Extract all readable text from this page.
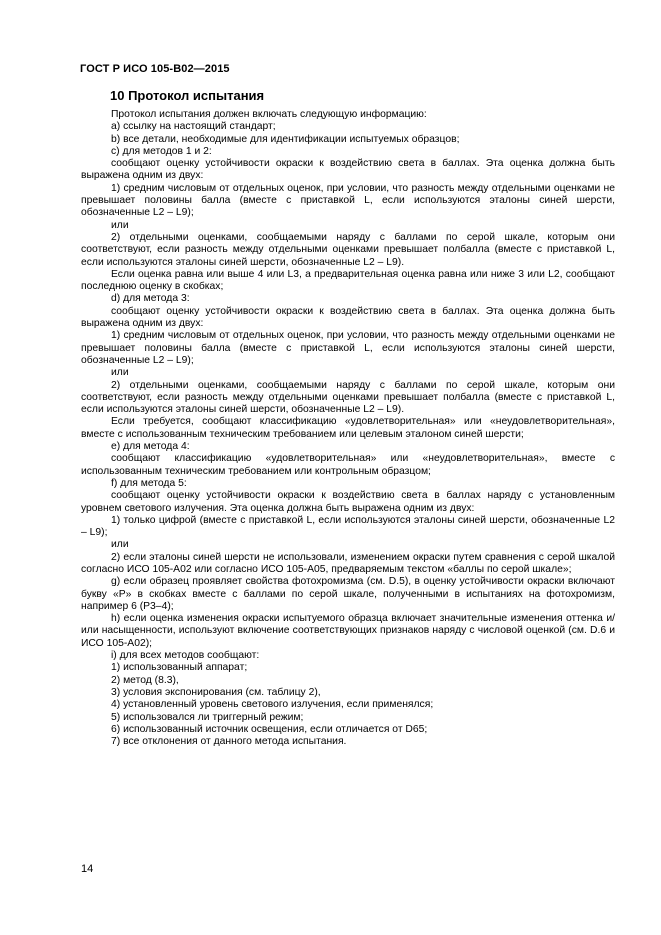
ГОСТ Р ИСО 105-B02—2015
10 Протокол испытания

Протокол испытания должен включать следующую информацию:

а) ссылку на настоящий стандарт;

b) все детали, необходимые для идентификации испытуемых образцов;

c) для методов 1 и 2:

сообщают оценку устойчивости окраски к воздействию света в баллах. Эта оценка должна быть выражена одним из двух:

1) средним числовым от отдельных оценок, при условии, что разность между отдельными оценками не превышает половины балла (вместе с приставкой L, если используются эталоны синей шерсти, обозначенные L2 – L9);

или

2) отдельными оценками, сообщаемыми наряду с баллами по серой шкале, которым они соответствуют, если разность между отдельными оценками превышает полбалла (вместе с приставкой L, если используются эталоны синей шерсти, обозначенные L2 – L9).

Если оценка равна или выше 4 или L3, а предварительная оценка равна или ниже 3 или L2, сообщают последнюю оценку в скобках;

d) для метода 3:

сообщают оценку устойчивости окраски к воздействию света в баллах. Эта оценка должна быть выражена одним из двух:

1) средним числовым от отдельных оценок, при условии, что разность между отдельными оценками не превышает половины балла (вместе с приставкой L, если используются эталоны синей шерсти, обозначенные L2 – L9);

или

2) отдельными оценками, сообщаемыми наряду с баллами по серой шкале, которым они соответствуют, если разность между отдельными оценками превышает полбалла (вместе с приставкой L, если используются эталоны синей шерсти, обозначенные L2 – L9).

Если требуется, сообщают классификацию «удовлетворительная» или «неудовлетворительная», вместе с использованным техническим требованием или целевым эталоном синей шерсти;

e) для метода 4:

сообщают классификацию «удовлетворительная» или «неудовлетворительная», вместе с использованным техническим требованием или контрольным образцом;

f) для метода 5:

сообщают оценку устойчивости окраски к воздействию света в баллах наряду с установленным уровнем светового излучения. Эта оценка должна быть выражена одним из двух:

1) только цифрой (вместе с приставкой L, если используются эталоны синей шерсти, обозначенные L2 – L9);

или

2) если эталоны синей шерсти не использовали, изменением окраски путем сравнения с серой шкалой согласно ИСО 105-A02 или согласно ИСО 105-A05, предваряемым текстом «баллы по серой шкале»;

g) если образец проявляет свойства фотохромизма (см. D.5), в оценку устойчивости окраски включают букву «P» в скобках вместе с баллами по серой шкале, полученными в испытаниях на фотохромизм, например 6 (P3–4);

h) если оценка изменения окраски испытуемого образца включает значительные изменения оттенка и/или насыщенности, используют включение соответствующих признаков наряду с числовой оценкой (см. D.6 и ИСО 105-A02);

i) для всех методов сообщают:

1) использованный аппарат;

2) метод (8.3),

3) условия экспонирования (см. таблицу 2),

4) установленный уровень светового излучения, если применялся;

5) использовался ли триггерный режим;

6) использованный источник освещения, если отличается от D65;

7) все отклонения от данного метода испытания.

14
